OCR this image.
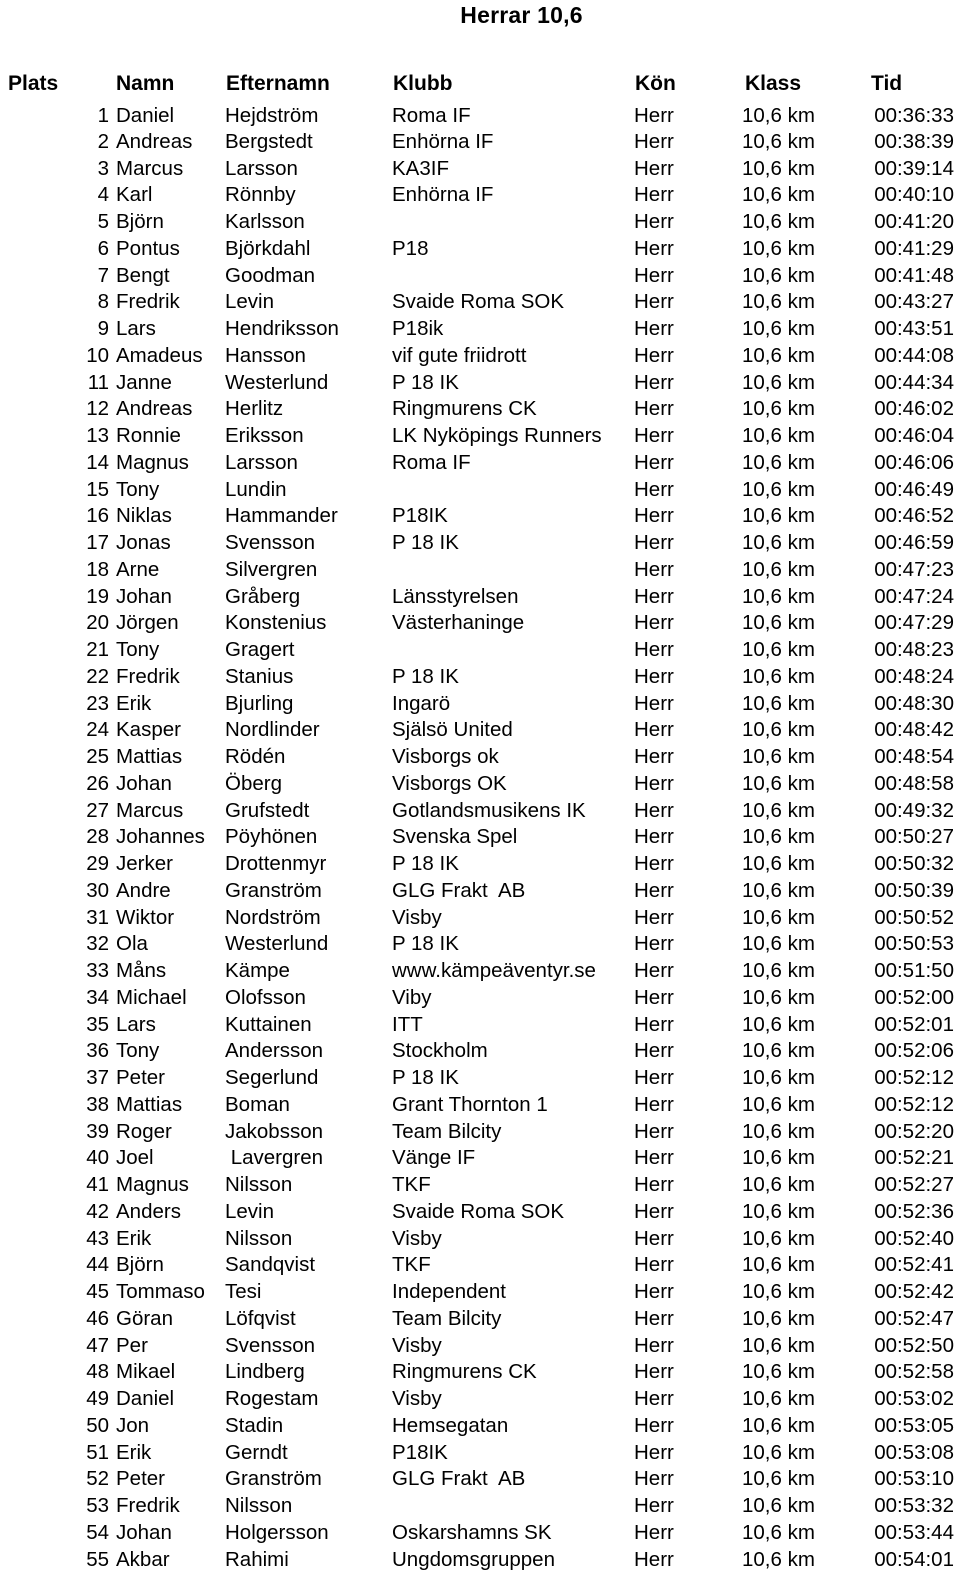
Herrar 10,6
Plats	Namn	Efternamn	Klubb	Kön	Klass	Tid
1	Daniel	Hejdström	Roma IF	Herr	10,6 km	00:36:33
2	Andreas	Bergstedt	Enhörna IF	Herr	10,6 km	00:38:39
3	Marcus	Larsson	KA3IF	Herr	10,6 km	00:39:14
4	Karl	Rönnby	Enhörna IF	Herr	10,6 km	00:40:10
5	Björn	Karlsson		Herr	10,6 km	00:41:20
6	Pontus	Björkdahl	P18	Herr	10,6 km	00:41:29
7	Bengt	Goodman		Herr	10,6 km	00:41:48
8	Fredrik	Levin	Svaide Roma SOK	Herr	10,6 km	00:43:27
9	Lars	Hendriksson	P18ik	Herr	10,6 km	00:43:51
10	Amadeus	Hansson	vif gute friidrott	Herr	10,6 km	00:44:08
11	Janne	Westerlund	P 18 IK	Herr	10,6 km	00:44:34
12	Andreas	Herlitz	Ringmurens CK	Herr	10,6 km	00:46:02
13	Ronnie	Eriksson	LK Nyköpings Runners	Herr	10,6 km	00:46:04
14	Magnus	Larsson	Roma IF	Herr	10,6 km	00:46:06
15	Tony	Lundin		Herr	10,6 km	00:46:49
16	Niklas	Hammander	P18IK	Herr	10,6 km	00:46:52
17	Jonas	Svensson	P 18 IK	Herr	10,6 km	00:46:59
18	Arne	Silvergren		Herr	10,6 km	00:47:23
19	Johan	Gråberg	Länsstyrelsen	Herr	10,6 km	00:47:24
20	Jörgen	Konstenius	Västerhaninge	Herr	10,6 km	00:47:29
21	Tony	Gragert		Herr	10,6 km	00:48:23
22	Fredrik	Stanius	P 18 IK	Herr	10,6 km	00:48:24
23	Erik	Bjurling	Ingarö	Herr	10,6 km	00:48:30
24	Kasper	Nordlinder	Själsö United	Herr	10,6 km	00:48:42
25	Mattias	Rödén	Visborgs ok	Herr	10,6 km	00:48:54
26	Johan	Öberg	Visborgs OK	Herr	10,6 km	00:48:58
27	Marcus	Grufstedt	Gotlandsmusikens IK	Herr	10,6 km	00:49:32
28	Johannes	Pöyhönen	Svenska Spel	Herr	10,6 km	00:50:27
29	Jerker	Drottenmyr	P 18 IK	Herr	10,6 km	00:50:32
30	Andre	Granström	GLG Frakt  AB	Herr	10,6 km	00:50:39
31	Wiktor	Nordström	Visby	Herr	10,6 km	00:50:52
32	Ola	Westerlund	P 18 IK	Herr	10,6 km	00:50:53
33	Måns	Kämpe	www.kämpeäventyr.se	Herr	10,6 km	00:51:50
34	Michael	Olofsson	Viby	Herr	10,6 km	00:52:00
35	Lars	Kuttainen	ITT	Herr	10,6 km	00:52:01
36	Tony	Andersson	Stockholm	Herr	10,6 km	00:52:06
37	Peter	Segerlund	P 18 IK	Herr	10,6 km	00:52:12
38	Mattias	Boman	Grant Thornton 1	Herr	10,6 km	00:52:12
39	Roger	Jakobsson	Team Bilcity	Herr	10,6 km	00:52:20
40	Joel	Lavergren	Vänge IF	Herr	10,6 km	00:52:21
41	Magnus	Nilsson	TKF	Herr	10,6 km	00:52:27
42	Anders	Levin	Svaide Roma SOK	Herr	10,6 km	00:52:36
43	Erik	Nilsson	Visby	Herr	10,6 km	00:52:40
44	Björn	Sandqvist	TKF	Herr	10,6 km	00:52:41
45	Tommaso	Tesi	Independent	Herr	10,6 km	00:52:42
46	Göran	Löfqvist	Team Bilcity	Herr	10,6 km	00:52:47
47	Per	Svensson	Visby	Herr	10,6 km	00:52:50
48	Mikael	Lindberg	Ringmurens CK	Herr	10,6 km	00:52:58
49	Daniel	Rogestam	Visby	Herr	10,6 km	00:53:02
50	Jon	Stadin	Hemsegatan	Herr	10,6 km	00:53:05
51	Erik	Gerndt	P18IK	Herr	10,6 km	00:53:08
52	Peter	Granström	GLG Frakt  AB	Herr	10,6 km	00:53:10
53	Fredrik	Nilsson		Herr	10,6 km	00:53:32
54	Johan	Holgersson	Oskarshamns SK	Herr	10,6 km	00:53:44
55	Akbar	Rahimi	Ungdomsgruppen	Herr	10,6 km	00:54:01
